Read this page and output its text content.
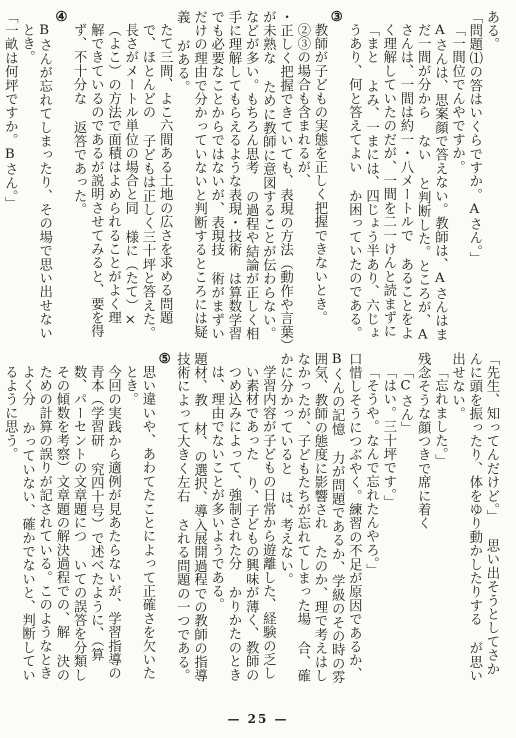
ある。
「問題⑴の答はいくらですか。Aさん。」
「一間位でんやですか。
Aさんは、思案顔で答えない。教師は、Aさんはまだ一間が分から ない と判断した。ところが、Aさんは、一間は約一・八メートルで あることをよく理解していたのだが、一間を二一けんと読まずに「まと よみ、一まには、四じょう半あり、六じょうあり、何と答えてよい か困っていたのである。
③
教師が子どもの実態を正しく把握できないとき。
②③の場合も含まれるが、
・正しく把握できていても、表現の方法（動作や言葉）が未熟な ために教師に意図することが伝わらない。などが多い。もちろん思考 の過程や結論が正しく相手に理解してもらえるような表現・技術 は算数学習でも必要なことからではないが、表現技 術がまずいだけの理由で分かっていないと判断するところには疑義 がある。
たて三間、よこ六間ある土地の広さを求める問題で、ほとんどの 子どもは正しく三十坪と答えた。長さがメートル単位の場合と同 様に（たて）×（よこ）の方法で面積はよめられることがよく理 解できているのであるが説明させてみると、要を得ず、不十分な 返答であった。
④
Bさんが忘れてしまったり、その場で思い出せないとき。
「一畝は何坪ですか。Bさん。」
「先生、知ってんだけど。」 思い出そうとしてさかんに頭を振ったり、体をゆり動かしたりする が思い出せない。
「忘れました。」
残念そうな顔つきで席に着く
「Cさん」
「はい。三十坪です。」
「そうや。なんで忘れたんやろ。」
口惜しそうにつぶやく。練習の不足が原因であるか、Bくんの記憶 力が問題であるか、学級のその時の雰囲気、教師の態度に影響され たのか、理で考えはしなかったが、子どもたちが忘れてしまった場 合、確かに分かっていると は、考えない。
学習内容が子どもの日常から遊離した、経験の乏しい素材であった り、子どもの興味が薄く、教師のつめ込みによって、強制された分 かりかたのときは、理由でないことが多いようである。
題材、教 材、の選択、導入展開過程での教師の指導技術によって大きく左右 される問題の一つである。
⑤
思い違いや、あわてたことによって正確さを欠いたとき。
今回の実践から適例が見あたらないが、学習指導の青本（学習研 究四十号）で述べたように、（算数、パーセントの文章題につ いての誤答を分類しその傾数を考察）文章題の解決過程での、解 決のための計算の誤りが記されている。このようなときよく分 かっていない、確かでないと、判断しているように思う。
— 25 —
